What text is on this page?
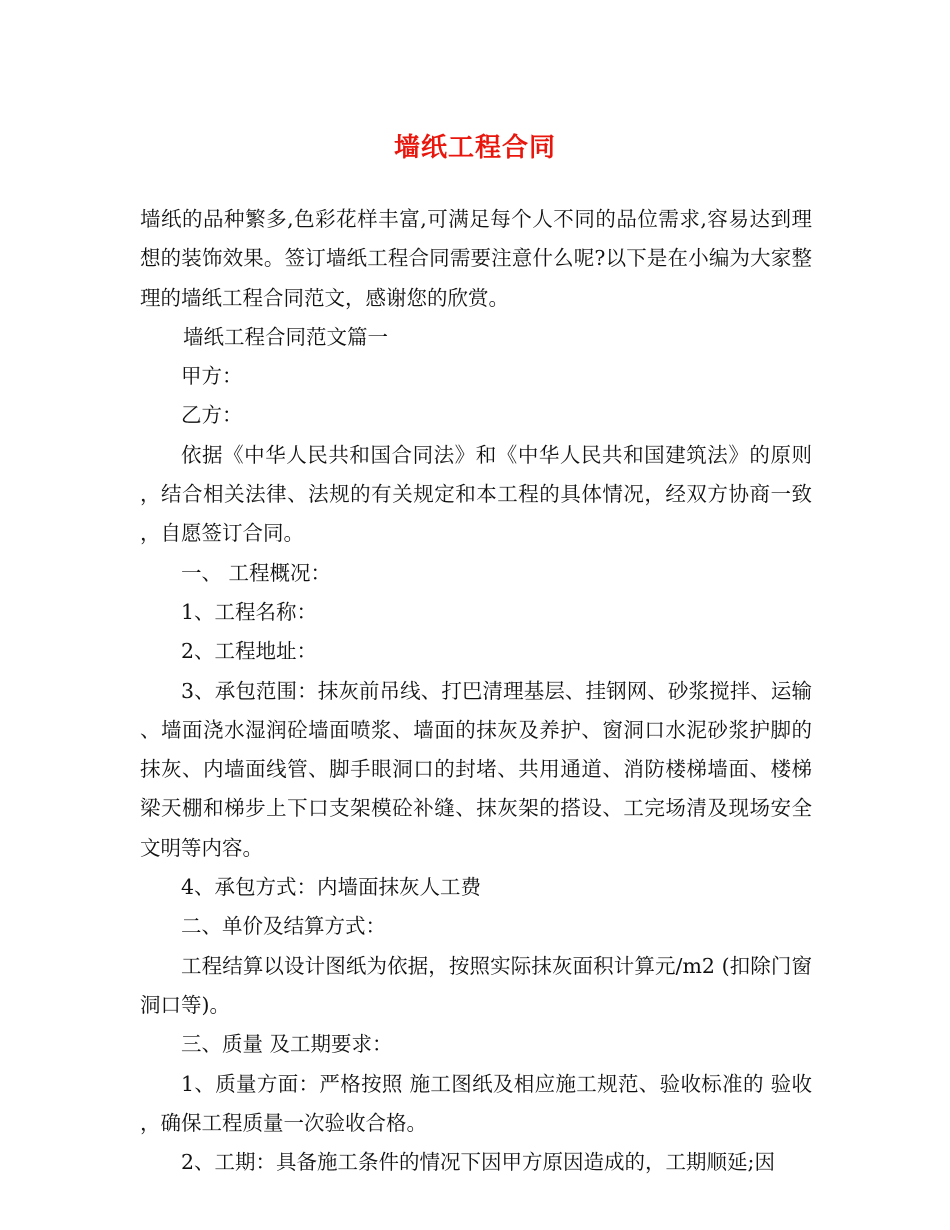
墙纸工程合同

墙纸的品种繁多,色彩花样丰富,可满足每个人不同的品位需求,容易达到理想的装饰效果。签订墙纸工程合同需要注意什么呢?以下是在小编为大家整理的墙纸工程合同范文，感谢您的欣赏。

墙纸工程合同范文篇一

甲方：

乙方：

依据《中华人民共和国合同法》和《中华人民共和国建筑法》的原则，结合相关法律、法规的有关规定和本工程的具体情况，经双方协商一致，自愿签订合同。

一、 工程概况：

1、工程名称：

2、工程地址：

3、承包范围：抹灰前吊线、打巴清理基层、挂钢网、砂浆搅拌、运输、墙面浇水湿润砼墙面喷浆、墙面的抹灰及养护、窗洞口水泥砂浆护脚的抹灰、内墙面线管、脚手眼洞口的封堵、共用通道、消防楼梯墙面、楼梯梁天棚和梯步上下口支架模砼补缝、抹灰架的搭设、工完场清及现场安全文明等内容。

4、承包方式：内墙面抹灰人工费

二、单价及结算方式：

工程结算以设计图纸为依据，按照实际抹灰面积计算元/m2 (扣除门窗洞口等)。

三、质量 及工期要求：

1、质量方面：严格按照 施工图纸及相应施工规范、验收标准的 验收，确保工程质量一次验收合格。

2、工期：具备施工条件的情况下因甲方原因造成的，工期顺延;因
